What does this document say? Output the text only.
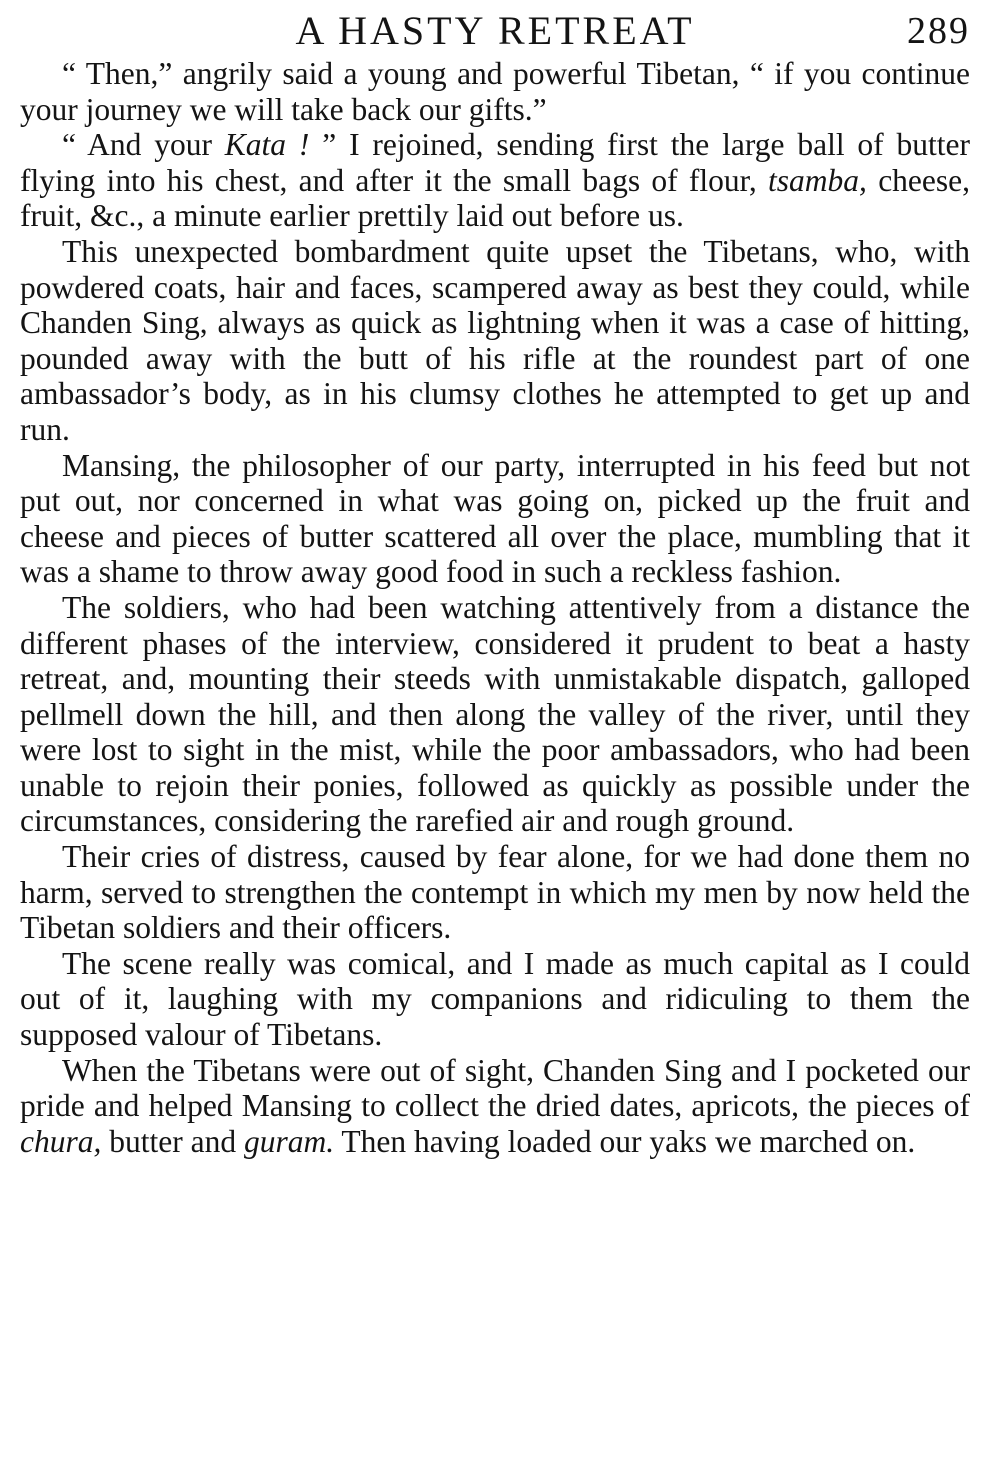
A HASTY RETREAT	289

“ Then,” angrily said a young and powerful Tibetan, “ if you continue your journey we will take back our gifts.”

“ And your Kata ! ” I rejoined, sending first the large ball of butter flying into his chest, and after it the small bags of flour, tsamba, cheese, fruit, &c., a minute earlier prettily laid out before us.

This unexpected bombardment quite upset the Tibetans, who, with powdered coats, hair and faces, scampered away as best they could, while Chanden Sing, always as quick as lightning when it was a case of hitting, pounded away with the butt of his rifle at the roundest part of one ambassador’s body, as in his clumsy clothes he attempted to get up and run.

Mansing, the philosopher of our party, interrupted in his feed but not put out, nor concerned in what was going on, picked up the fruit and cheese and pieces of butter scattered all over the place, mumbling that it was a shame to throw away good food in such a reckless fashion.

The soldiers, who had been watching attentively from a distance the different phases of the interview, considered it prudent to beat a hasty retreat, and, mounting their steeds with unmistakable dispatch, galloped pellmell down the hill, and then along the valley of the river, until they were lost to sight in the mist, while the poor ambassadors, who had been unable to rejoin their ponies, followed as quickly as possible under the circumstances, considering the rarefied air and rough ground.

Their cries of distress, caused by fear alone, for we had done them no harm, served to strengthen the contempt in which my men by now held the Tibetan soldiers and their officers.

The scene really was comical, and I made as much capital as I could out of it, laughing with my companions and ridiculing to them the supposed valour of Tibetans.

When the Tibetans were out of sight, Chanden Sing and I pocketed our pride and helped Mansing to collect the dried dates, apricots, the pieces of chura, butter and guram. Then having loaded our yaks we marched on.
